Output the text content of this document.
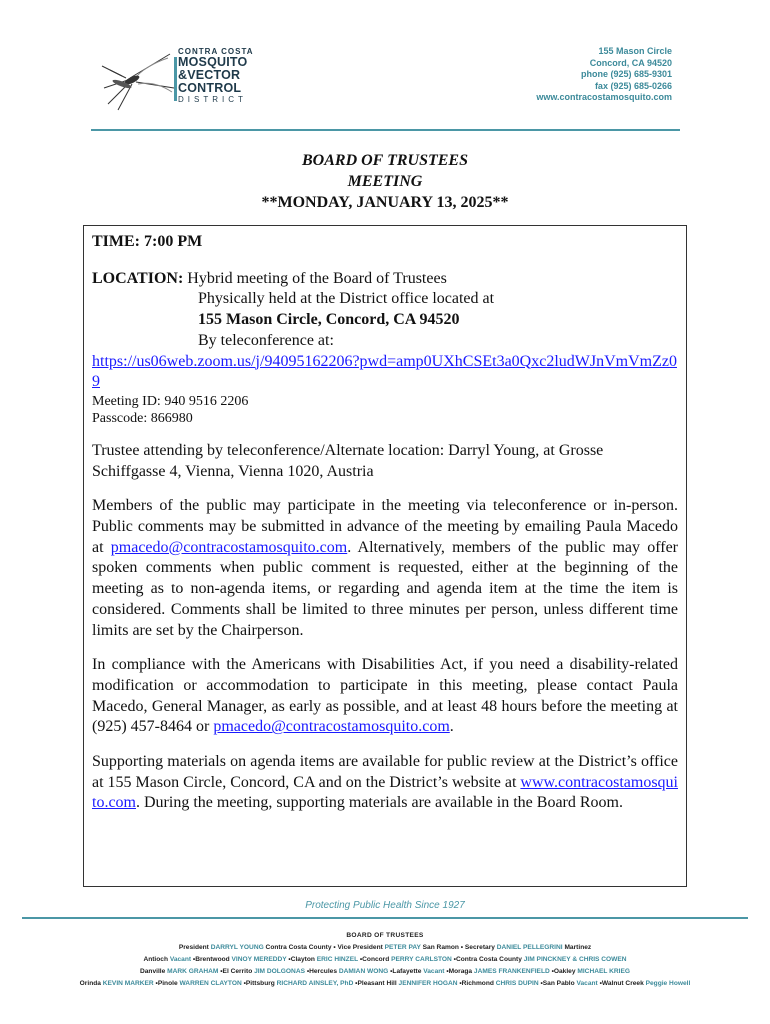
CONTRA COSTA
MOSQUITO
&VECTOR
CONTROL
DISTRICT
155 Mason Circle
Concord, CA 94520
phone (925) 685-9301
fax (925) 685-0266
www.contracostamosquito.com
BOARD OF TRUSTEES
MEETING
**MONDAY, JANUARY 13, 2025**

TIME: 7:00 PM

LOCATION: Hybrid meeting of the Board of Trustees

Physically held at the District office located at

155 Mason Circle, Concord, CA 94520

By teleconference at:

https://us06web.zoom.us/j/94095162206?pwd=amp0UXhCSEt3a0Qxc2ludWJnVmVmZz09

Meeting ID: 940 9516 2206

Passcode: 866980

Trustee attending by teleconference/Alternate location: Darryl Young, at Grosse Schiffgasse 4, Vienna, Vienna 1020, Austria

Members of the public may participate in the meeting via teleconference or in-person. Public comments may be submitted in advance of the meeting by emailing Paula Macedo at pmacedo@contracostamosquito.com. Alternatively, members of the public may offer spoken comments when public comment is requested, either at the beginning of the meeting as to non-agenda items, or regarding and agenda item at the time the item is considered. Comments shall be limited to three minutes per person, unless different time limits are set by the Chairperson.

In compliance with the Americans with Disabilities Act, if you need a disability-related modification or accommodation to participate in this meeting, please contact Paula Macedo, General Manager, as early as possible, and at least 48 hours before the meeting at (925) 457-8464 or pmacedo@contracostamosquito.com.

Supporting materials on agenda items are available for public review at the District’s office at 155 Mason Circle, Concord, CA and on the District’s website at www.contracostamosquito.com. During the meeting, supporting materials are available in the Board Room.

Protecting Public Health Since 1927
BOARD OF TRUSTEES
President DARRYL YOUNG Contra Costa County • Vice President PETER PAY San Ramon • Secretary DANIEL PELLEGRINI Martinez
Antioch Vacant •Brentwood VINOY MEREDDY •Clayton ERIC HINZEL •Concord PERRY CARLSTON •Contra Costa County JIM PINCKNEY & CHRIS COWEN
Danville MARK GRAHAM •El Cerrito JIM DOLGONAS •Hercules DAMIAN WONG •Lafayette Vacant •Moraga JAMES FRANKENFIELD •Oakley MICHAEL KRIEG
Orinda KEVIN MARKER •Pinole WARREN CLAYTON •Pittsburg RICHARD AINSLEY, PhD •Pleasant Hill JENNIFER HOGAN •Richmond CHRIS DUPIN •San Pablo Vacant •Walnut Creek Peggie Howell
